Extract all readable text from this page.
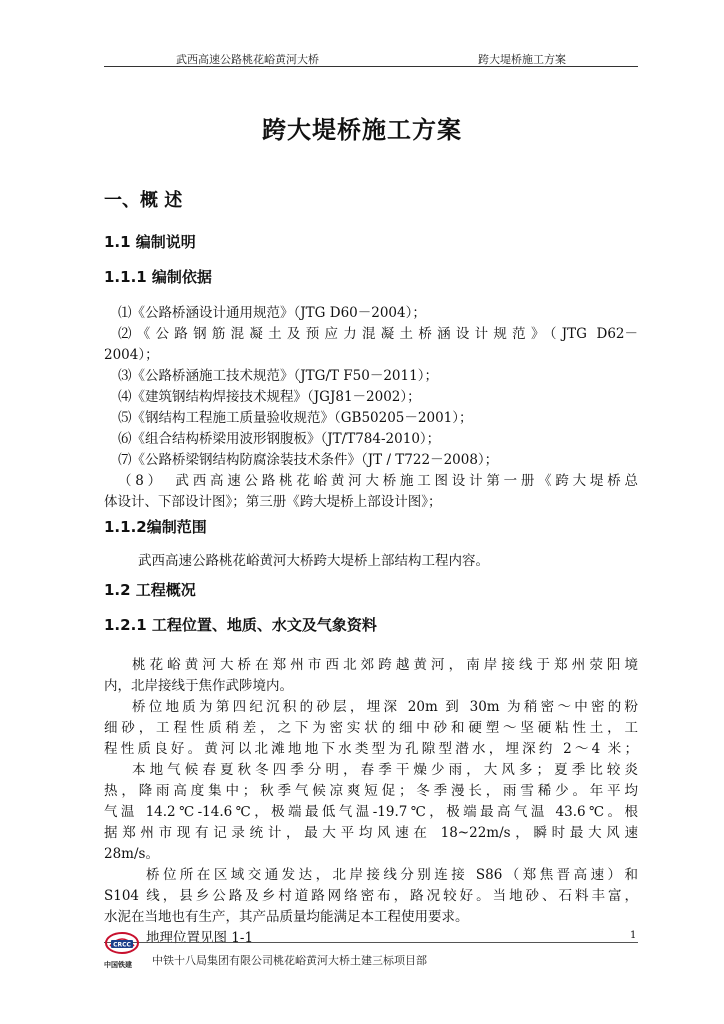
武西高速公路桃花峪黄河大桥	跨大堤桥施工方案
跨大堤桥施工方案
一、概 述
1.1 编制说明
1.1.1 编制依据
⑴《公路桥涵设计通用规范》（JTG D60－2004）；
⑵《公路钢筋混凝土及预应力混凝土桥涵设计规范》（JTG D62－
2004）；
⑶《公路桥涵施工技术规范》（JTG/T F50－2011）；
⑷《建筑钢结构焊接技术规程》（JGJ81－2002）；
⑸《钢结构工程施工质量验收规范》（GB50205－2001）；
⑹《组合结构桥梁用波形钢腹板》（JT/T784-2010）；
⑺《公路桥梁钢结构防腐涂装技术条件》（JT / T722－2008）；
（8）　武西高速公路桃花峪黄河大桥施工图设计第一册《跨大堤桥总
体设计、下部设计图》；第三册《跨大堤桥上部设计图》；
1.1.2编制范围
武西高速公路桃花峪黄河大桥跨大堤桥上部结构工程内容。
1.2 工程概况
1.2.1 工程位置、地质、水文及气象资料
桃花峪黄河大桥在郑州市西北郊跨越黄河，南岸接线于郑州荥阳境
内，北岸接线于焦作武陟境内。
桥位地质为第四纪沉积的砂层，埋深 20m 到 30m 为稍密～中密的粉
细砂，工程性质稍差，之下为密实状的细中砂和硬塑～坚硬粘性土，工
程性质良好。黄河以北滩地地下水类型为孔隙型潜水，埋深约 2～4 米；
本地气候春夏秋冬四季分明，春季干燥少雨，大风多；夏季比较炎
热，降雨高度集中；秋季气候凉爽短促；冬季漫长，雨雪稀少。年平均
气温 14.2℃-14.6℃，极端最低气温-19.7℃，极端最高气温 43.6℃。根
据郑州市现有记录统计，最大平均风速在 18~22m/s，瞬时最大风速
28m/s。
桥位所在区域交通发达，北岸接线分别连接 S86（郑焦晋高速）和
S104 线，县乡公路及乡村道路网络密布，路况较好。当地砂、石料丰富，
水泥在当地也有生产，其产品质量均能满足本工程使用要求。
地理位置见图 1-1	1
CRCC
中国铁建 中铁十八局集团有限公司桃花峪黄河大桥土建三标项目部
